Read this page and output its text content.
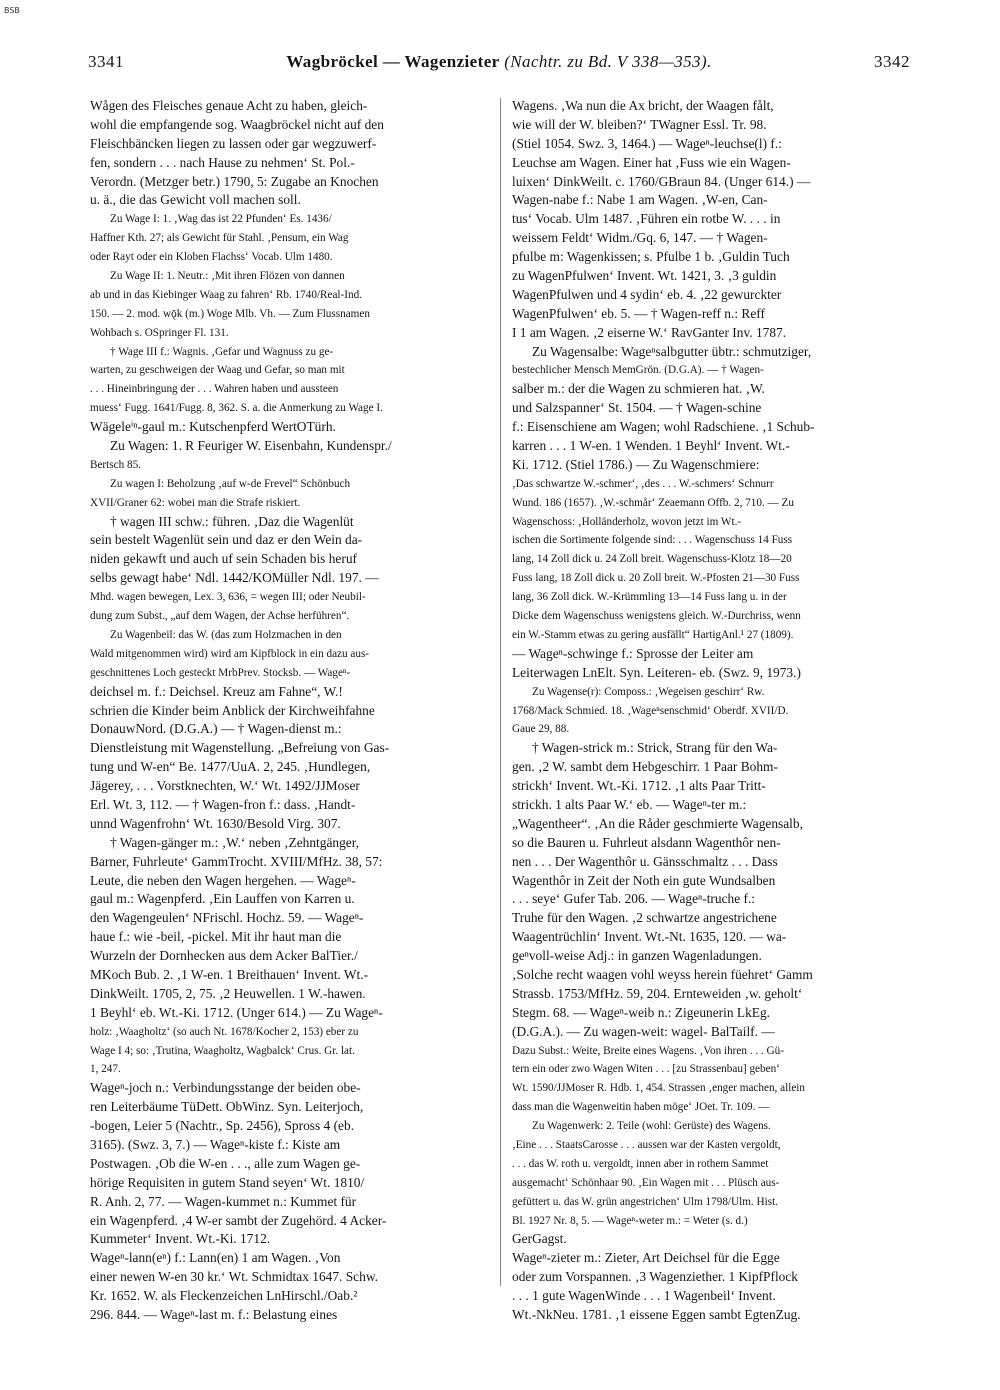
BSB
3341	Wagbröckel — Wagenzieter (Nachtr. zu Bd. V 338—353).	3342
Wågen des Fleisches genaue Acht zu haben, gleich-
wohl die empfangende sog. Waagbröckel nicht auf den
Fleischbäncken liegen zu lassen oder gar wegzuwerf-
fen, sondern . . . nach Hause zu nehmen‘ St. Pol.-
Verordn. (Metzger betr.) 1790, 5: Zugabe an Knochen
u. ä., die das Gewicht voll machen soll.
Zu Wage I: 1. ‚Wag das ist 22 Pfunden‘ Es. 1436/
Haffner Kth. 27; als Gewicht für Stahl. ‚Pensum, ein Wag
oder Rayt oder ein Kloben Flachss‘ Vocab. Ulm 1480.
Zu Wage II: 1. Neutr.: ‚Mit ihren Flözen von dannen
ab und in das Kiebinger Waag zu fahren‘ Rb. 1740/Real-Ind.
150. — 2. mod. wǭk (m.) Woge Mlb. Vh. — Zum Flussnamen
Wohbach s. OSpringer Fl. 131.
† Wage III f.: Wagnis. ‚Gefar und Wagnuss zu ge-
warten, zu geschweigen der Waag und Gefar, so man mit
. . . Hineinbringung der . . . Wahren haben und aussteen
muess‘ Fugg. 1641/Fugg. 8, 362. S. a. die Anmerkung zu Wage I.
Wägeleⁱⁿ-gaul m.: Kutschenpferd WertOTürh.
Zu Wagen: 1. R Feuriger W. Eisenbahn, Kundenspr./
Bertsch 85.
Zu wagen I: Beholzung ‚auf w-de Frevel“ Schönbuch
XVII/Graner 62: wobei man die Strafe riskiert.
† wagen III schw.: führen. ‚Daz die Wagenlüt
sein bestelt Wagenlüt sein und daz er den Wein da-
niden gekawft und auch uf sein Schaden bis heruf
selbs gewagt habe‘ Ndl. 1442/KOMüller Ndl. 197. —
Mhd. wagen bewegen, Lex. 3, 636, = wegen III; oder Neubil-
dung zum Subst., „auf dem Wagen, der Achse herführen“.
Zu Wagenbeil: das W. (das zum Holzmachen in den
Wald mitgenommen wird) wird am Kipfblock in ein dazu aus-
geschnittenes Loch gesteckt MrbPrev. Stocksb. — Wageⁿ-
deichsel m. f.: Deichsel. Kreuz am Fahne“, W.!
schrien die Kinder beim Anblick der Kirchweihfahne
DonauwNord. (D.G.A.) — † Wagen-dienst m.:
Dienstleistung mit Wagenstellung. „Befreiung von Gas-
tung und W-en“ Be. 1477/UuA. 2, 245. ‚Hundlegen,
Jägerey, . . . Vorstknechten, W.‘ Wt. 1492/JJMoser
Erl. Wt. 3, 112. — † Wagen-fron f.: dass. ‚Handt-
unnd Wagenfrohn‘ Wt. 1630/Besold Virg. 307.
† Wagen-gänger m.: ‚W.‘ neben ‚Zehntgänger,
Barner, Fuhrleute‘ GammTrocht. XVIII/MfHz. 38, 57:
Leute, die neben den Wagen hergehen. — Wageⁿ-
gaul m.: Wagenpferd. ‚Ein Lauffen von Karren u.
den Wagengeulen‘ NFrischl. Hochz. 59. — Wageⁿ-
haue f.: wie -beil, -pickel. Mit ihr haut man die
Wurzeln der Dornhecken aus dem Acker BalTier./
MKoch Bub. 2. ‚1 W-en. 1 Breithauen‘ Invent. Wt.-
DinkWeilt. 1705, 2, 75. ‚2 Heuwellen. 1 W.-hawen.
1 Beyhl‘ eb. Wt.-Ki. 1712. (Unger 614.) — Zu Wageⁿ-
holz: ‚Waagholtz‘ (so auch Nt. 1678/Kocher 2, 153) eber zu
Wage I 4; so: ‚Trutina, Waagholtz, Wagbalck‘ Crus. Gr. lat.
1, 247.
Wageⁿ-joch n.: Verbindungsstange der beiden obe-
ren Leiterbäume TüDett. ObWinz. Syn. Leiterjoch,
-bogen, Leier 5 (Nachtr., Sp. 2456), Spross 4 (eb.
3165). (Swz. 3, 7.) — Wageⁿ-kiste f.: Kiste am
Postwagen. ‚Ob die W-en . . ., alle zum Wagen ge-
hörige Requisiten in gutem Stand seyen‘ Wt. 1810/
R. Anh. 2, 77. — Wagen-kummet n.: Kummet für
ein Wagenpferd. ‚4 W-er sambt der Zugehörd. 4 Acker-
Kummeter‘ Invent. Wt.-Ki. 1712.
Wageⁿ-lann(eⁿ) f.: Lann(en) 1 am Wagen. ‚Von
einer newen W-en 30 kr.‘ Wt. Schmidtax 1647. Schw.
Kr. 1652. W. als Fleckenzeichen LnHirschl./Oab.²
296. 844. — Wageⁿ-last m. f.: Belastung eines
Wagens. ‚Wa nun die Ax bricht, der Waagen fålt,
wie will der W. bleiben?‘ TWagner Essl. Tr. 98.
(Stiel 1054. Swz. 3, 1464.) — Wageⁿ-leuchse(l) f.:
Leuchse am Wagen. Einer hat ‚Fuss wie ein Wagen-
luixen‘ DinkWeilt. c. 1760/GBraun 84. (Unger 614.) —
Wagen-nabe f.: Nabe 1 am Wagen. ‚W-en, Can-
tus‘ Vocab. Ulm 1487. ‚Führen ein rotbe W. . . . in
weissem Feldt‘ Widm./Gq. 6, 147. — † Wagen-
pfulbe m: Wagenkissen; s. Pfulbe 1 b. ‚Guldin Tuch
zu WagenPfulwen‘ Invent. Wt. 1421, 3. ‚3 guldin
WagenPfulwen und 4 sydin‘ eb. 4. ‚22 gewurckter
WagenPfulwen‘ eb. 5. — † Wagen-reff n.: Reff
I 1 am Wagen. ‚2 eiserne W.‘ RavGanter Inv. 1787.
Zu Wagensalbe: Wageⁿsalbgutter übtr.: schmutziger,
bestechlicher Mensch MemGrön. (D.G.A). — † Wagen-
salber m.: der die Wagen zu schmieren hat. ‚W.
und Salzspanner‘ St. 1504. — † Wagen-schine
f.: Eisenschiene am Wagen; wohl Radschiene. ‚1 Schub-
karren . . . 1 W-en. 1 Wenden. 1 Beyhl‘ Invent. Wt.-
Ki. 1712. (Stiel 1786.) — Zu Wagenschmiere:
‚Das schwartze W.-schmer‘, ‚des . . . W.-schmers‘ Schnurr
Wund. 186 (1657). ‚W.-schmår‘ Zeaemann Offb. 2, 710. — Zu
Wagenschoss: ‚Holländerholz, wovon jetzt im Wt.-
ischen die Sortimente folgende sind: . . . Wagenschuss 14 Fuss
lang, 14 Zoll dick u. 24 Zoll breit. Wagenschuss-Klotz 18—20
Fuss lang, 18 Zoll dick u. 20 Zoll breit. W.-Pfosten 21—30 Fuss
lang, 36 Zoll dick. W.-Krümmling 13—14 Fuss lang u. in der
Dicke dem Wagenschuss wenigstens gleich. W.-Durchriss, wenn
ein W.-Stamm etwas zu gering ausfällt“ HartigAnl.¹ 27 (1809).
— Wageⁿ-schwinge f.: Sprosse der Leiter am
Leiterwagen LnElt. Syn. Leiteren- eb. (Swz. 9, 1973.)
Zu Wagense(r): Composs.: ‚Wegeisen geschirr‘ Rw.
1768/Mack Schmied. 18. ‚Wageⁿsenschmid‘ Oberdf. XVII/D.
Gaue 29, 88.
† Wagen-strick m.: Strick, Strang für den Wa-
gen. ‚2 W. sambt dem Hebgeschirr. 1 Paar Bohm-
strickh‘ Invent. Wt.-Ki. 1712. ‚1 alts Paar Tritt-
strickh. 1 alts Paar W.‘ eb. — Wageⁿ-ter m.:
„Wagentheer“. ‚An die Råder geschmierte Wagensalb,
so die Bauren u. Fuhrleut alsdann Wagenthôr nen-
nen . . . Der Wagenthôr u. Gänsschmaltz . . . Dass
Wagenthôr in Zeit der Noth ein gute Wundsalben
. . . seye‘ Gufer Tab. 206. — Wageⁿ-truche f.:
Truhe für den Wagen. ‚2 schwartze angestrichene
Waagentrüchlin‘ Invent. Wt.-Nt. 1635, 120. — wa-
geⁿvoll-weise Adj.: in ganzen Wagenladungen.
‚Solche recht waagen vohl weyss herein füehret‘ Gamm
Strassb. 1753/MfHz. 59, 204. Ernteweiden ‚w. geholt‘
Stegm. 68. — Wageⁿ-weib n.: Zigeunerin LkEg.
(D.G.A.). — Zu wagen-weit: wagel- BalTailf. —
Dazu Subst.: Weite, Breite eines Wagens. ‚Von ihren . . . Gü-
tern ein oder zwo Wagen Witen . . . [zu Strassenbau] geben‘
Wt. 1590/JJMoser R. Hdb. 1, 454. Strassen ‚enger machen, allein
dass man die Wagenweitin haben möge‘ JOet. Tr. 109. —
Zu Wagenwerk: 2. Teile (wohl: Gerüste) des Wagens.
‚Eine . . . StaatsCarosse . . . aussen war der Kasten vergoldt,
. . . das W. roth u. vergoldt, innen aber in rothem Sammet
ausgemacht‘ Schönhaar 90. ‚Ein Wagen mit . . . Plüsch aus-
gefüttert u. das W. grün angestrichen‘ Ulm 1798/Ulm. Hist.
Bl. 1927 Nr. 8, 5. — Wageⁿ-weter m.: = Weter (s. d.)
GerGagst.
Wageⁿ-zieter m.: Zieter, Art Deichsel für die Egge
oder zum Vorspannen. ‚3 Wagenziether. 1 KipfPflock
. . . 1 gute WagenWinde . . . 1 Wagenbeil‘ Invent.
Wt.-NkNeu. 1781. ‚1 eissene Eggen sambt EgtenZug.
